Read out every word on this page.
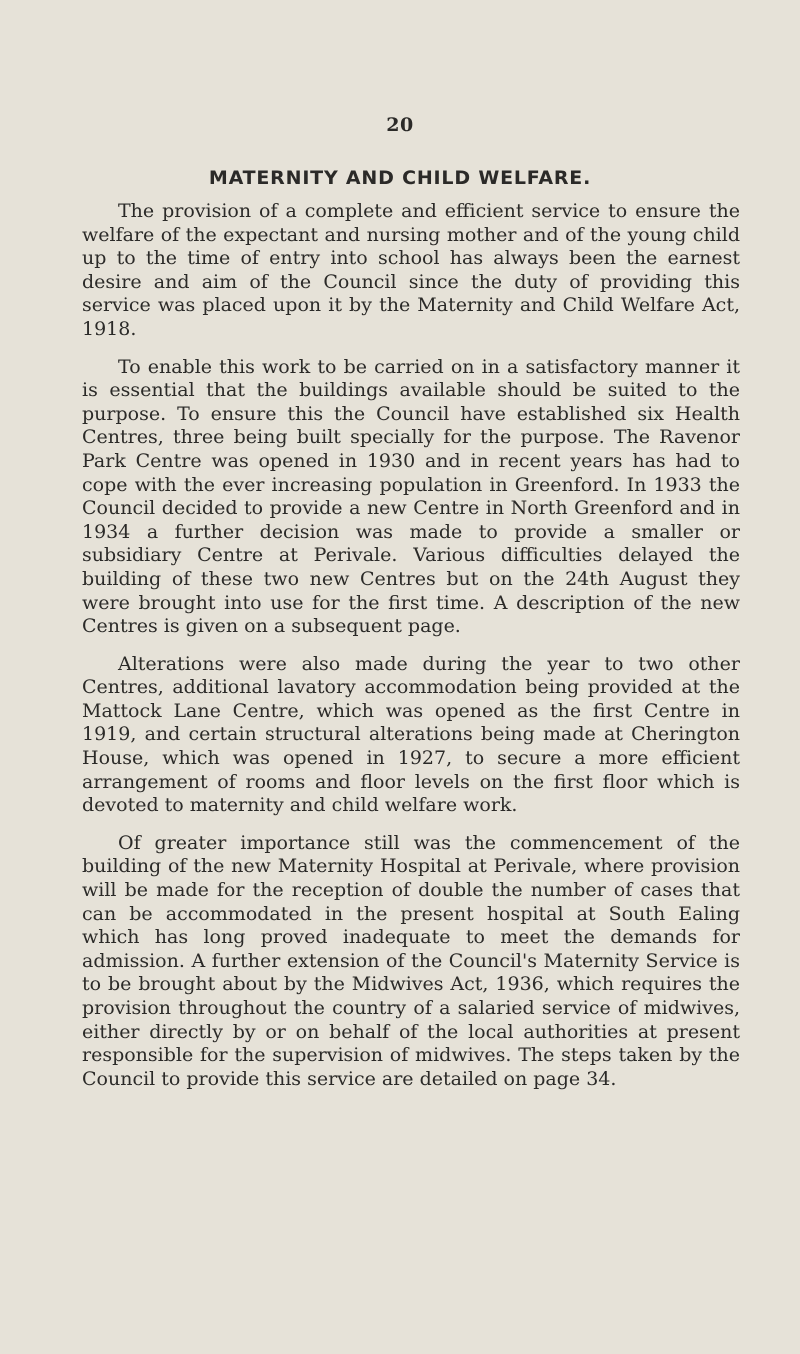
20
MATERNITY AND CHILD WELFARE.

The provision of a complete and efficient service to ensure the welfare of the expectant and nursing mother and of the young child up to the time of entry into school has always been the earnest desire and aim of the Council since the duty of providing this service was placed upon it by the Maternity and Child Welfare Act, 1918.

To enable this work to be carried on in a satisfactory manner it is essential that the buildings available should be suited to the purpose. To ensure this the Council have established six Health Centres, three being built specially for the purpose. The Ravenor Park Centre was opened in 1930 and in recent years has had to cope with the ever increasing population in Greenford. In 1933 the Council decided to provide a new Centre in North Greenford and in 1934 a further decision was made to provide a smaller or subsidiary Centre at Perivale. Various difficulties delayed the building of these two new Centres but on the 24th August they were brought into use for the first time. A description of the new Centres is given on a subsequent page.

Alterations were also made during the year to two other Centres, additional lavatory accommodation being provided at the Mattock Lane Centre, which was opened as the first Centre in 1919, and certain structural alterations being made at Cherington House, which was opened in 1927, to secure a more efficient arrangement of rooms and floor levels on the first floor which is devoted to maternity and child welfare work.

Of greater importance still was the commencement of the building of the new Maternity Hospital at Perivale, where provision will be made for the reception of double the number of cases that can be accommodated in the present hospital at South Ealing which has long proved inadequate to meet the demands for admission. A further extension of the Council's Maternity Service is to be brought about by the Midwives Act, 1936, which requires the provision throughout the country of a salaried service of midwives, either directly by or on behalf of the local authorities at present responsible for the supervision of midwives. The steps taken by the Council to provide this service are detailed on page 34.
